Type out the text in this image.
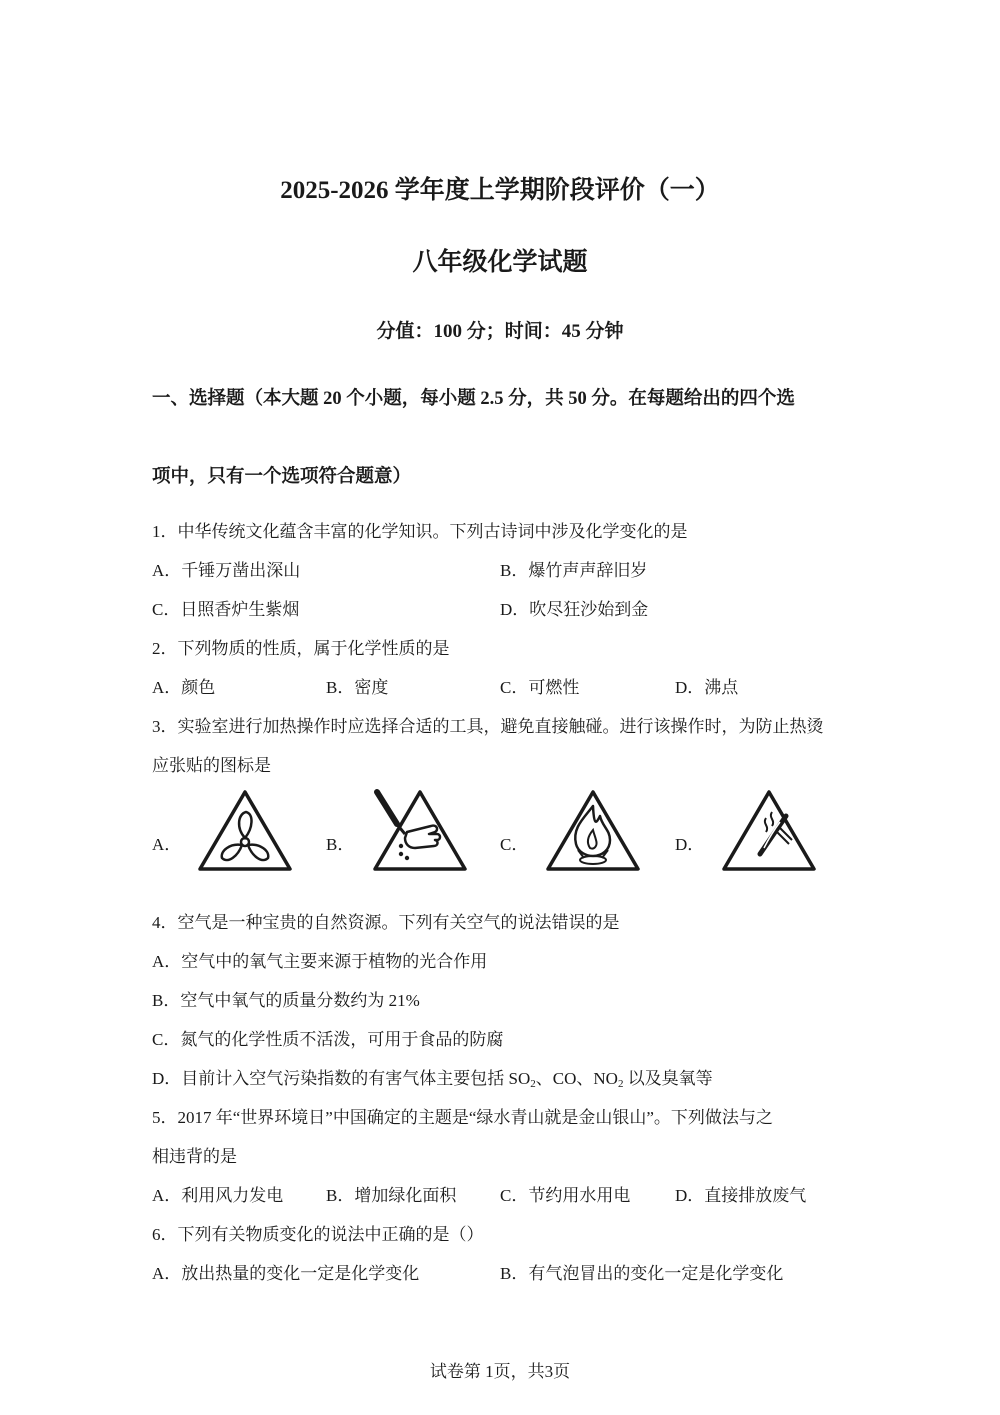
2025-2026 学年度上学期阶段评价（一）
八年级化学试题
分值：100 分；时间：45 分钟
一、选择题（本大题 20 个小题，每小题 2.5 分，共 50 分。在每题给出的四个选
项中，只有一个选项符合题意）
1．中华传统文化蕴含丰富的化学知识。下列古诗词中涉及化学变化的是
A．千锤万凿出深山	B．爆竹声声辞旧岁
C．日照香炉生紫烟	D．吹尽狂沙始到金
2．下列物质的性质，属于化学性质的是
A．颜色	B．密度	C．可燃性	D．沸点
3．实验室进行加热操作时应选择合适的工具，避免直接触碰。进行该操作时，为防止热烫
应张贴的图标是
A．	B．	C．	D．
4．空气是一种宝贵的自然资源。下列有关空气的说法错误的是
A．空气中的氧气主要来源于植物的光合作用
B．空气中氧气的质量分数约为 21%
C．氮气的化学性质不活泼，可用于食品的防腐
D．目前计入空气污染指数的有害气体主要包括 $SO_2$、CO、$NO_2$ 以及臭氧等
5．2017 年“世界环境日”中国确定的主题是“绿水青山就是金山银山”。下列做法与之
相违背的是
A．利用风力发电	B．增加绿化面积	C．节约用水用电	D．直接排放废气
6．下列有关物质变化的说法中正确的是（）
A．放出热量的变化一定是化学变化	B．有气泡冒出的变化一定是化学变化
试卷第 1页，共3页
